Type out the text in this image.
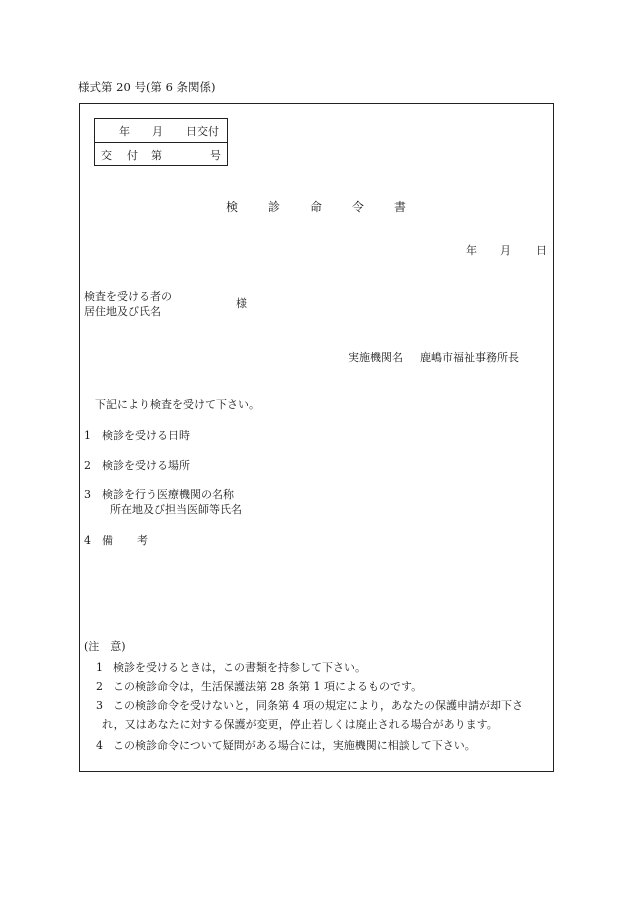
様式第 20 号(第 6 条関係)
年 月 日交付
交 付 第	号
検 診 命 令 書
年 月 日
検査を受ける者の
居住地及び氏名
様
実施機関名 鹿嶋市福祉事務所長
下記により検査を受けて下さい。
1 検診を受ける日時
2 検診を受ける場所
3 検診を行う医療機関の名称
所在地及び担当医師等氏名
4 備 考
(注　意)
1 検診を受けるときは，この書類を持参して下さい。
2 この検診命令は，生活保護法第 28 条第 1 項によるものです。
3 この検診命令を受けないと，同条第 4 項の規定により，あなたの保護申請が却下さ
れ，又はあなたに対する保護が変更，停止若しくは廃止される場合があります。
4 この検診命令について疑問がある場合には，実施機関に相談して下さい。
